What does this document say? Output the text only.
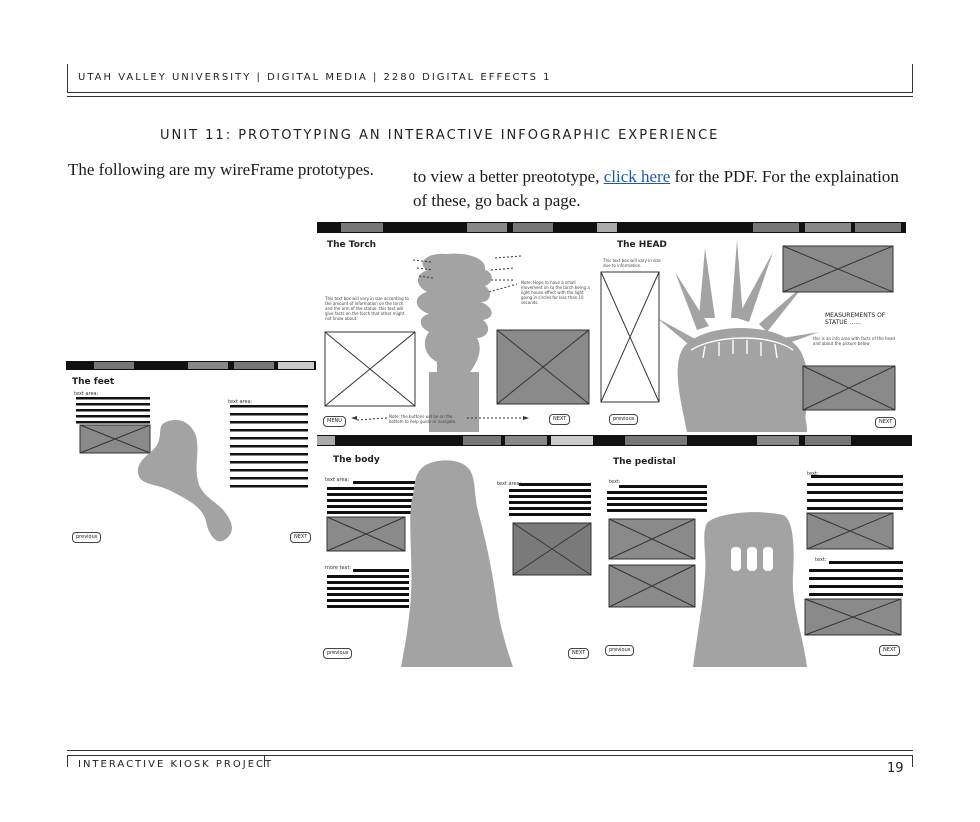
UTAH VALLEY UNIVERSITY | DIGITAL MEDIA | 2280 DIGITAL EFFECTS 1
UNIT 11: PROTOTYPING AN INTERACTIVE INFOGRAPHIC EXPERIENCE
The following are my wireFrame prototypes. to view a better preototype, click here for the PDF. For the explaination of these, go back a page.
The feet
text area:
text area:
previous	NEXT
The Torch
This text box will vary in size according to the amount of information on the torch and the arm of the statue. this text will give facts on the torch that other might not know about.
Note: Hope to have a small movement on to the torch being a light house effect with the light going in circles for less than 10 seconds.
Note: the buttons will be on the bottom to help guide or navigate.
MENU	NEXT
The HEAD
This text box will vary in size due to information.
MEASUREMENTS OF STATUE ......
this is an info area with facts of the head and about the picture below
previous	NEXT
The body
text area:
text area:
more text:
previous	NEXT
The pedistal
text:
text:
text:
previous	NEXT
INTERACTIVE KIOSK PROJECT	19
